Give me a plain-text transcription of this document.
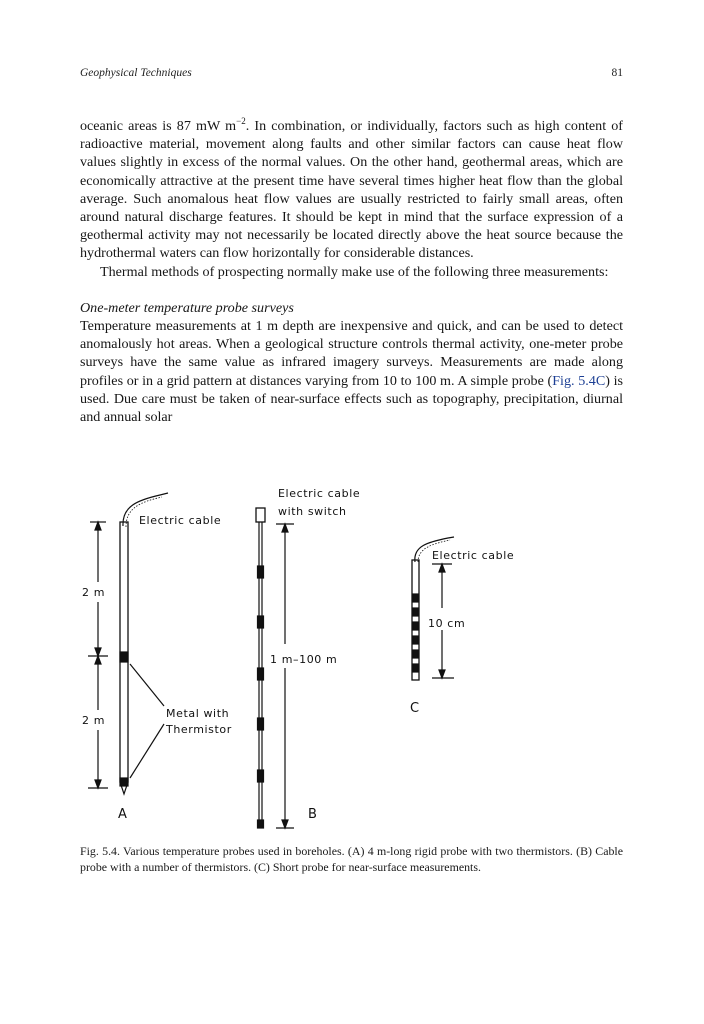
Geophysical Techniques	81

oceanic areas is 87 mW $m^{-2}$. In combination, or individually, factors such as high content of radioactive material, movement along faults and other similar factors can cause heat flow values slightly in excess of the normal values. On the other hand, geothermal areas, which are economically attractive at the present time have several times higher heat flow than the global average. Such anomalous heat flow values are usually restricted to fairly small areas, often around natural discharge features. It should be kept in mind that the surface expression of a geothermal activity may not necessarily be located directly above the heat source because the hydrothermal waters can flow horizontally for considerable distances.

Thermal methods of prospecting normally make use of the following three measurements:

One-meter temperature probe surveys

Temperature measurements at 1 m depth are inexpensive and quick, and can be used to detect anomalously hot areas. When a geological structure controls thermal activity, one-meter probe surveys have the same value as infrared imagery surveys. Measurements are made along profiles or in a grid pattern at distances varying from 10 to 100 m. A simple probe (Fig. 5.4C) is used. Due care must be taken of near-surface effects such as topography, precipitation, diurnal and annual solar

Electric cable
2 m
2 m
Metal with
Thermistor
A
Electric cable
with switch
1 m–100 m
B
Electric cable
10 cm
C
Fig. 5.4. Various temperature probes used in boreholes. (A) 4 m-long rigid probe with two thermistors. (B) Cable probe with a number of thermistors. (C) Short probe for near-surface measurements.
